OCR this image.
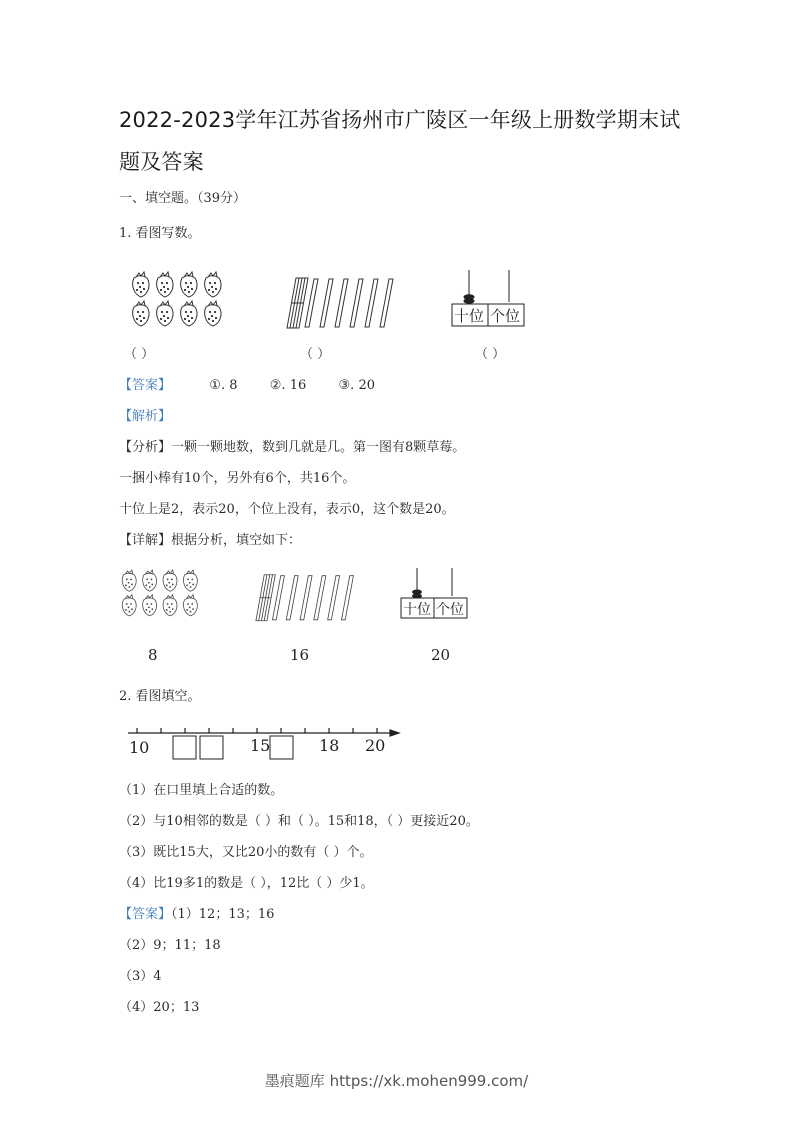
2022-2023学年江苏省扬州市广陵区一年级上册数学期末试
题及答案
一、填空题。（39分）
1. 看图写数。
十位 个位
（ ）	（ ）	（ ）
【答案】	①. 8 ②. 16 ③. 20
【解析】
【分析】一颗一颗地数，数到几就是几。第一图有8颗草莓。
一捆小棒有10个，另外有6个，共16个。
十位上是2，表示20，个位上没有，表示0，这个数是20。
【详解】根据分析，填空如下：
十位 个位
8	16	20
2. 看图填空。
10	15	18 20
（1）在口里填上合适的数。
（2）与10相邻的数是（ ）和（ ）。15和18，（ ）更接近20。
（3）既比15大，又比20小的数有（ ）个。
（4）比19多1的数是（ ），12比（ ）少1。
【答案】（1）12；13；16
（2）9；11；18
（3）4
（4）20；13
墨痕题库 https://xk.mohen999.com/
